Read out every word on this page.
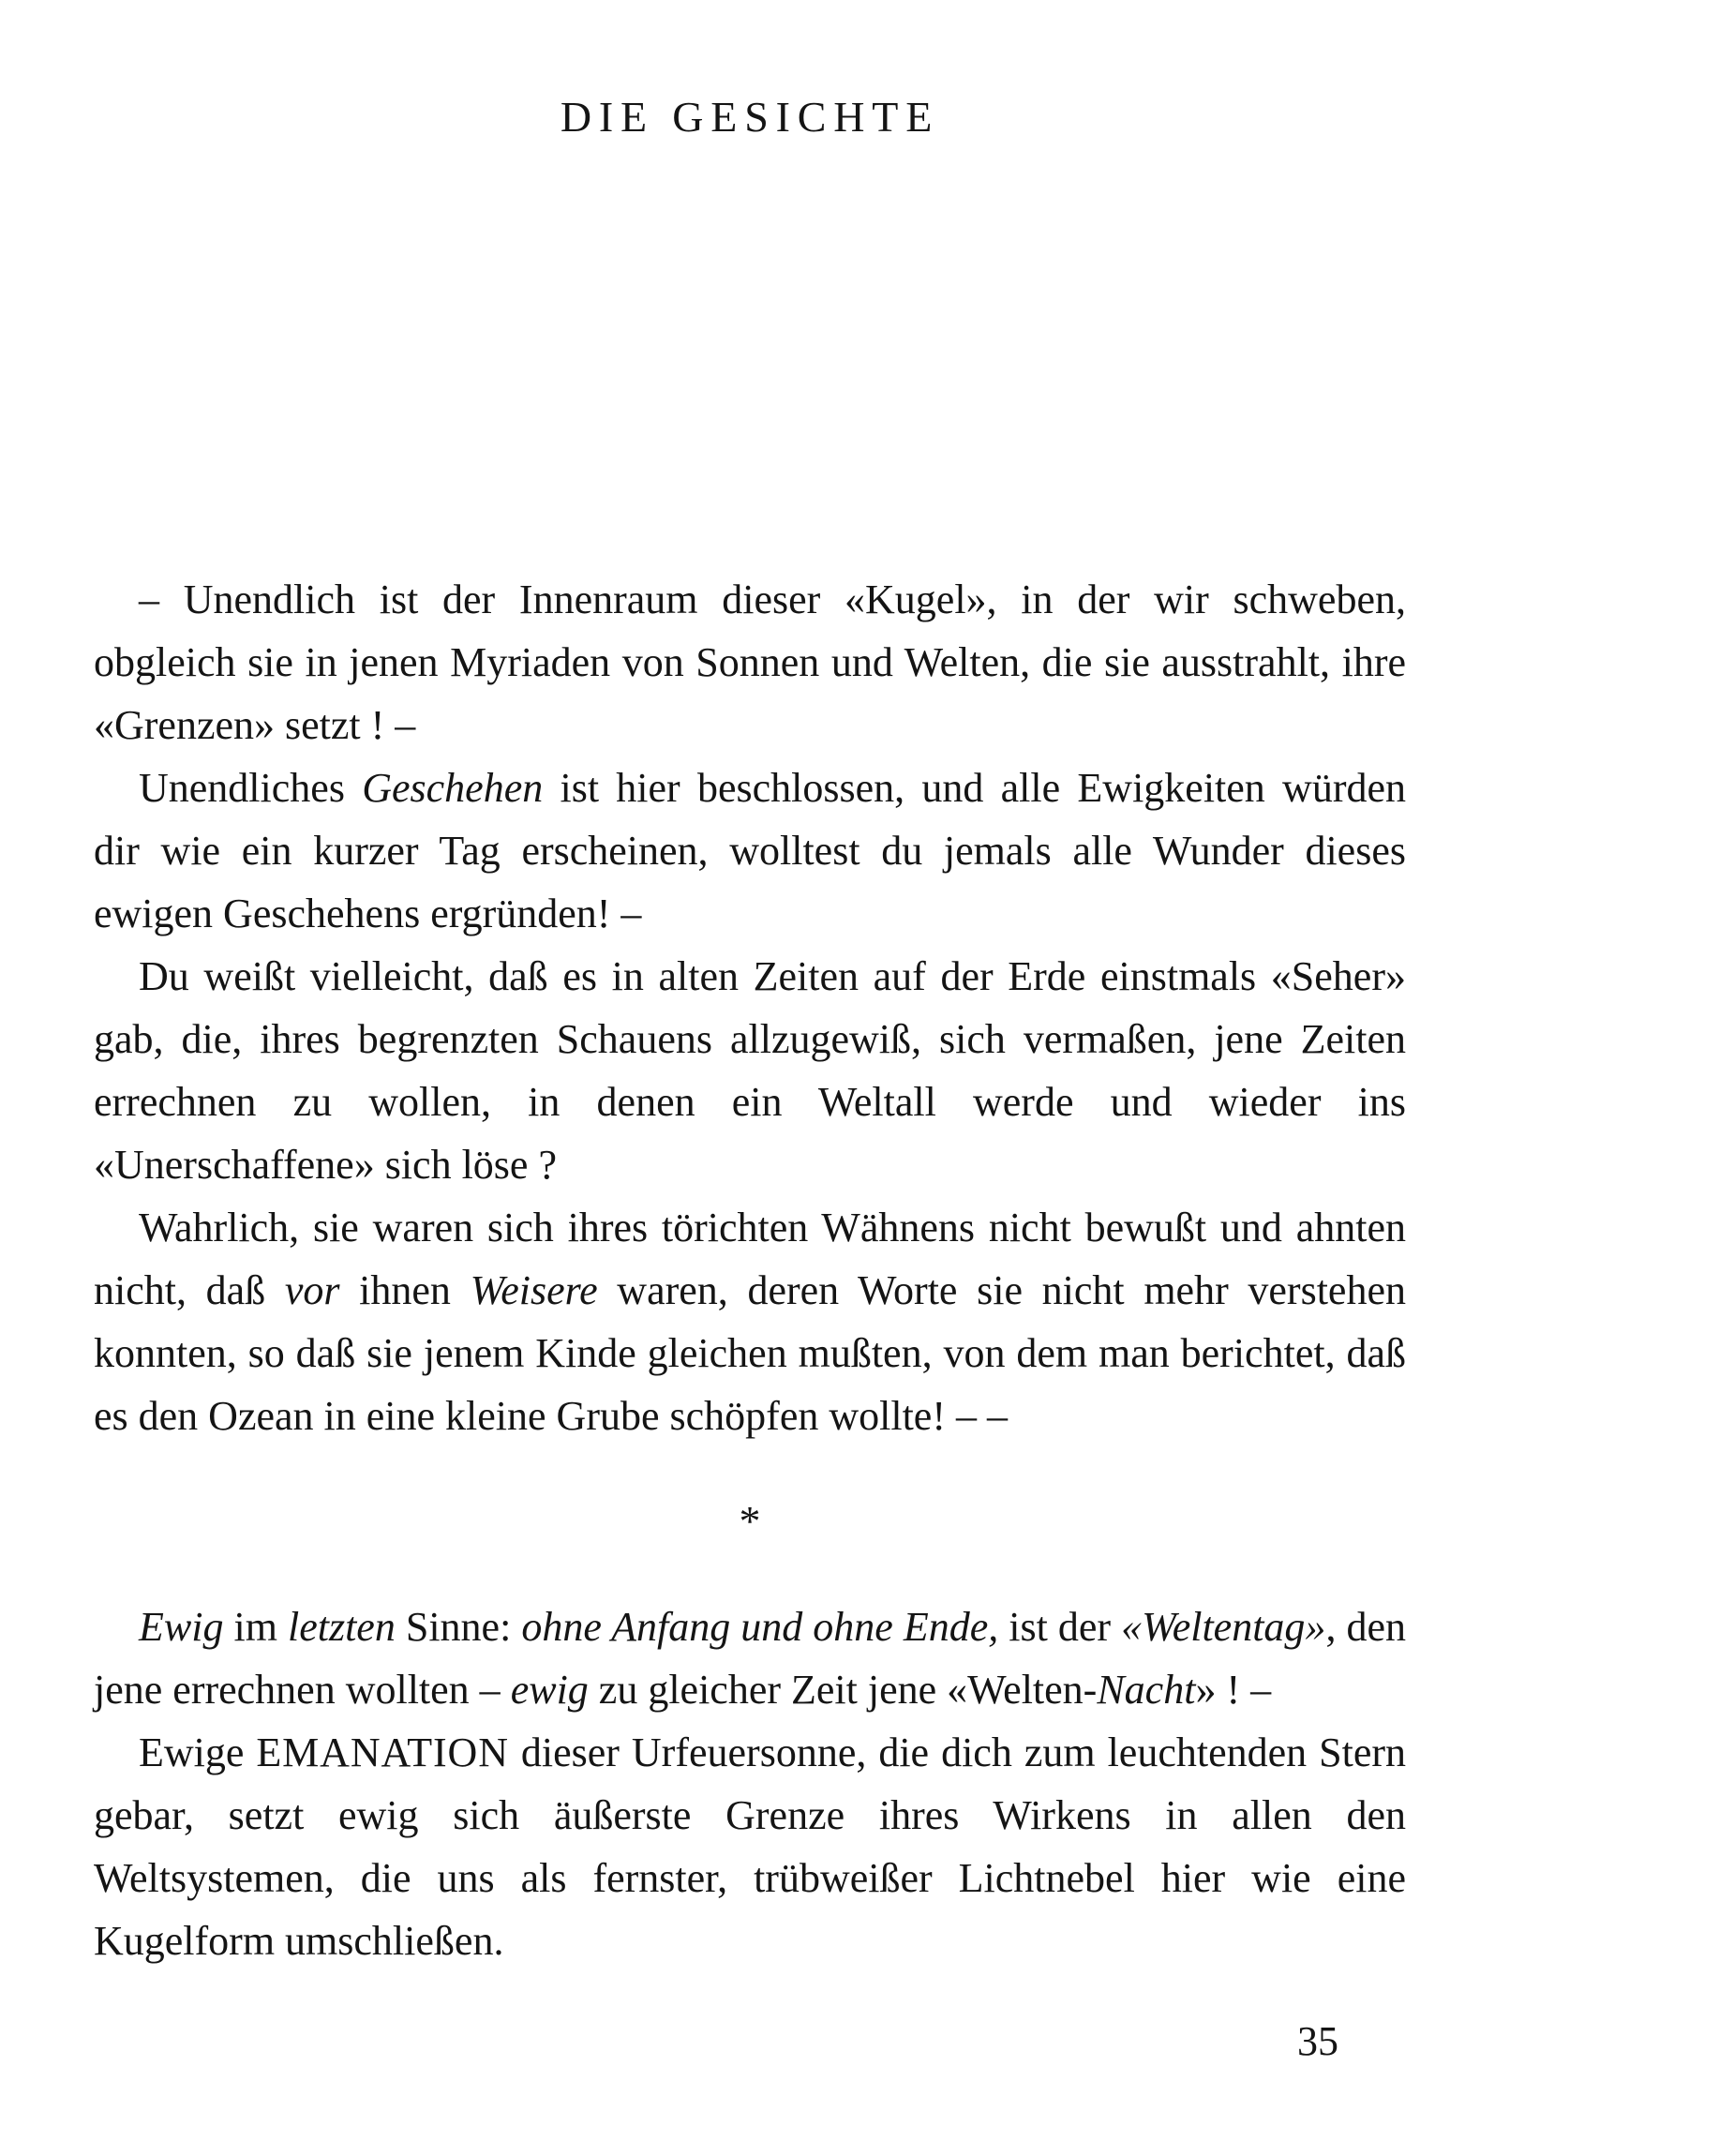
DIE GESICHTE

– Unendlich ist der Innenraum dieser «Kugel», in der wir schweben, obgleich sie in jenen Myriaden von Sonnen und Welten, die sie ausstrahlt, ihre «Grenzen» setzt ! –

Unendliches Geschehen ist hier beschlossen, und alle Ewigkeiten würden dir wie ein kurzer Tag erscheinen, wolltest du jemals alle Wunder dieses ewigen Geschehens ergründen! –

Du weißt vielleicht, daß es in alten Zeiten auf der Erde einstmals «Seher» gab, die, ihres begrenzten Schauens allzugewiß, sich vermaßen, jene Zeiten errechnen zu wollen, in denen ein Weltall werde und wieder ins «Unerschaffene» sich löse ?

Wahrlich, sie waren sich ihres törichten Wähnens nicht bewußt und ahnten nicht, daß vor ihnen Weisere waren, deren Worte sie nicht mehr verstehen konnten, so daß sie jenem Kinde gleichen mußten, von dem man berichtet, daß es den Ozean in eine kleine Grube schöpfen wollte! – –

*

Ewig im letzten Sinne: ohne Anfang und ohne Ende, ist der «Weltentag», den jene errechnen wollten – ewig zu gleicher Zeit jene «Welten-Nacht» ! –

Ewige EMANATION dieser Urfeuersonne, die dich zum leuchtenden Stern gebar, setzt ewig sich äußerste Grenze ihres Wirkens in allen den Weltsystemen, die uns als fernster, trübweißer Lichtnebel hier wie eine Kugelform umschließen.

35
